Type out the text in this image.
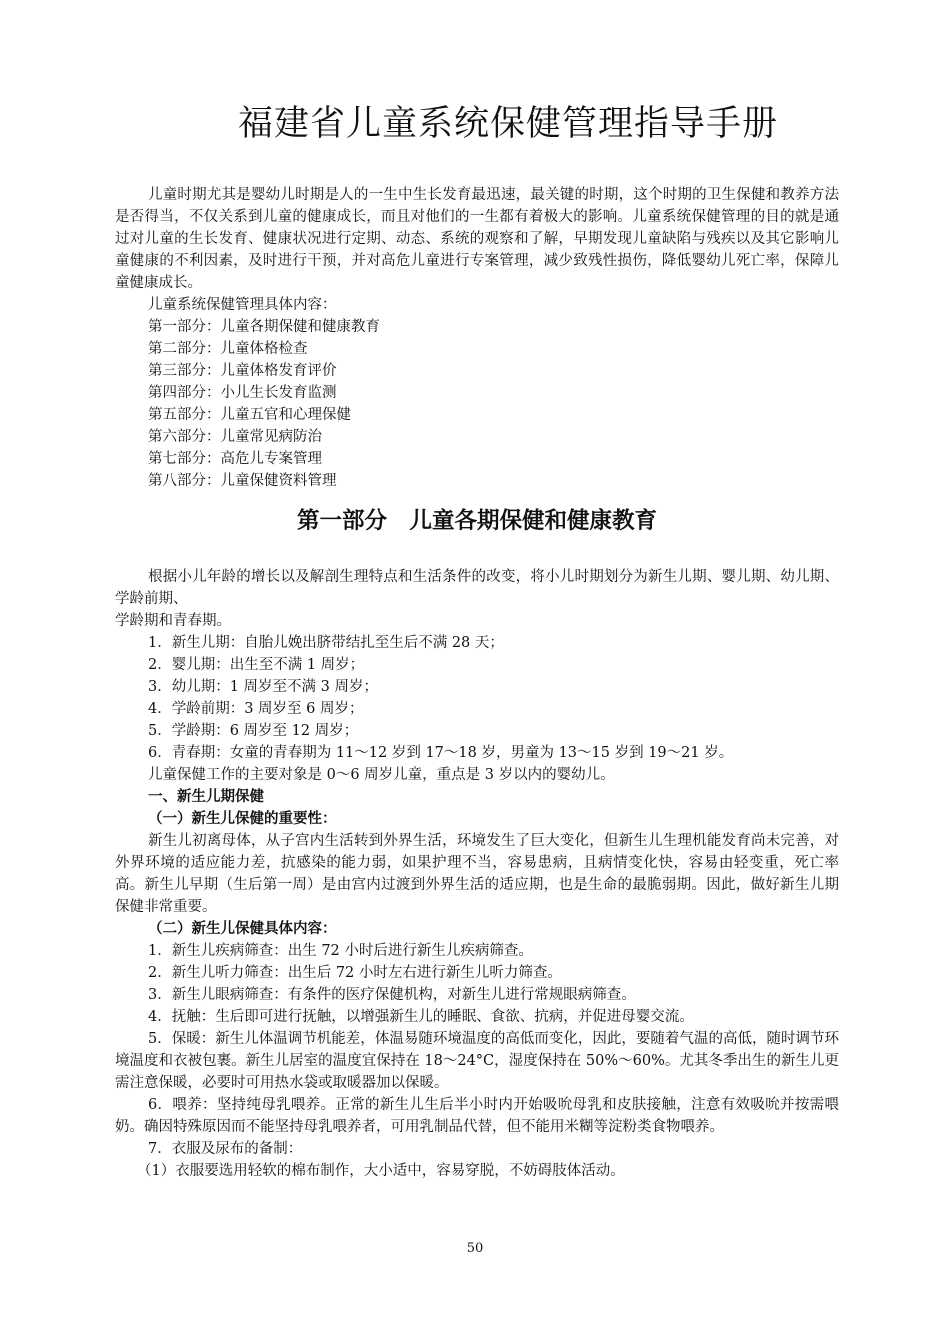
福建省儿童系统保健管理指导手册

儿童时期尤其是婴幼儿时期是人的一生中生长发育最迅速，最关键的时期，这个时期的卫生保健和教养方法是否得当，不仅关系到儿童的健康成长，而且对他们的一生都有着极大的影响。儿童系统保健管理的目的就是通过对儿童的生长发育、健康状况进行定期、动态、系统的观察和了解，早期发现儿童缺陷与残疾以及其它影响儿童健康的不利因素，及时进行干预，并对高危儿童进行专案管理，减少致残性损伤，降低婴幼儿死亡率，保障儿童健康成长。

儿童系统保健管理具体内容：

第一部分：儿童各期保健和健康教育

第二部分：儿童体格检查

第三部分：儿童体格发育评价

第四部分：小儿生长发育监测

第五部分：儿童五官和心理保健

第六部分：儿童常见病防治

第七部分：高危儿专案管理

第八部分：儿童保健资料管理

第一部分　儿童各期保健和健康教育

根据小儿年龄的增长以及解剖生理特点和生活条件的改变，将小儿时期划分为新生儿期、婴儿期、幼儿期、学龄前期、

学龄期和青春期。

1．新生儿期：自胎儿娩出脐带结扎至生后不满 28 天；

2．婴儿期：出生至不满 1 周岁；

3．幼儿期：1 周岁至不满 3 周岁；

4．学龄前期：3 周岁至 6 周岁；

5．学龄期：6 周岁至 12 周岁；

6．青春期：女童的青春期为 11～12 岁到 17～18 岁，男童为 13～15 岁到 19～21 岁。

儿童保健工作的主要对象是 0～6 周岁儿童，重点是 3 岁以内的婴幼儿。

一、新生儿期保健

（一）新生儿保健的重要性：

新生儿初离母体，从子宫内生活转到外界生活，环境发生了巨大变化，但新生儿生理机能发育尚未完善，对外界环境的适应能力差，抗感染的能力弱，如果护理不当，容易患病，且病情变化快，容易由轻变重，死亡率高。新生儿早期（生后第一周）是由宫内过渡到外界生活的适应期，也是生命的最脆弱期。因此，做好新生儿期保健非常重要。

（二）新生儿保健具体内容：

1．新生儿疾病筛查：出生 72 小时后进行新生儿疾病筛查。

2．新生儿听力筛查：出生后 72 小时左右进行新生儿听力筛查。

3．新生儿眼病筛查：有条件的医疗保健机构，对新生儿进行常规眼病筛查。

4．抚触：生后即可进行抚触，以增强新生儿的睡眠、食欲、抗病，并促进母婴交流。

5．保暖：新生儿体温调节机能差，体温易随环境温度的高低而变化，因此，要随着气温的高低，随时调节环境温度和衣被包裹。新生儿居室的温度宜保持在 18～24°C，湿度保持在 50%～60%。尤其冬季出生的新生儿更需注意保暖，必要时可用热水袋或取暖器加以保暖。

6．喂养：坚持纯母乳喂养。正常的新生儿生后半小时内开始吸吮母乳和皮肤接触，注意有效吸吮并按需喂奶。确因特殊原因而不能坚持母乳喂养者，可用乳制品代替，但不能用米糊等淀粉类食物喂养。

7．衣服及尿布的备制：

（1）衣服要选用轻软的棉布制作，大小适中，容易穿脱，不妨碍肢体活动。

50
